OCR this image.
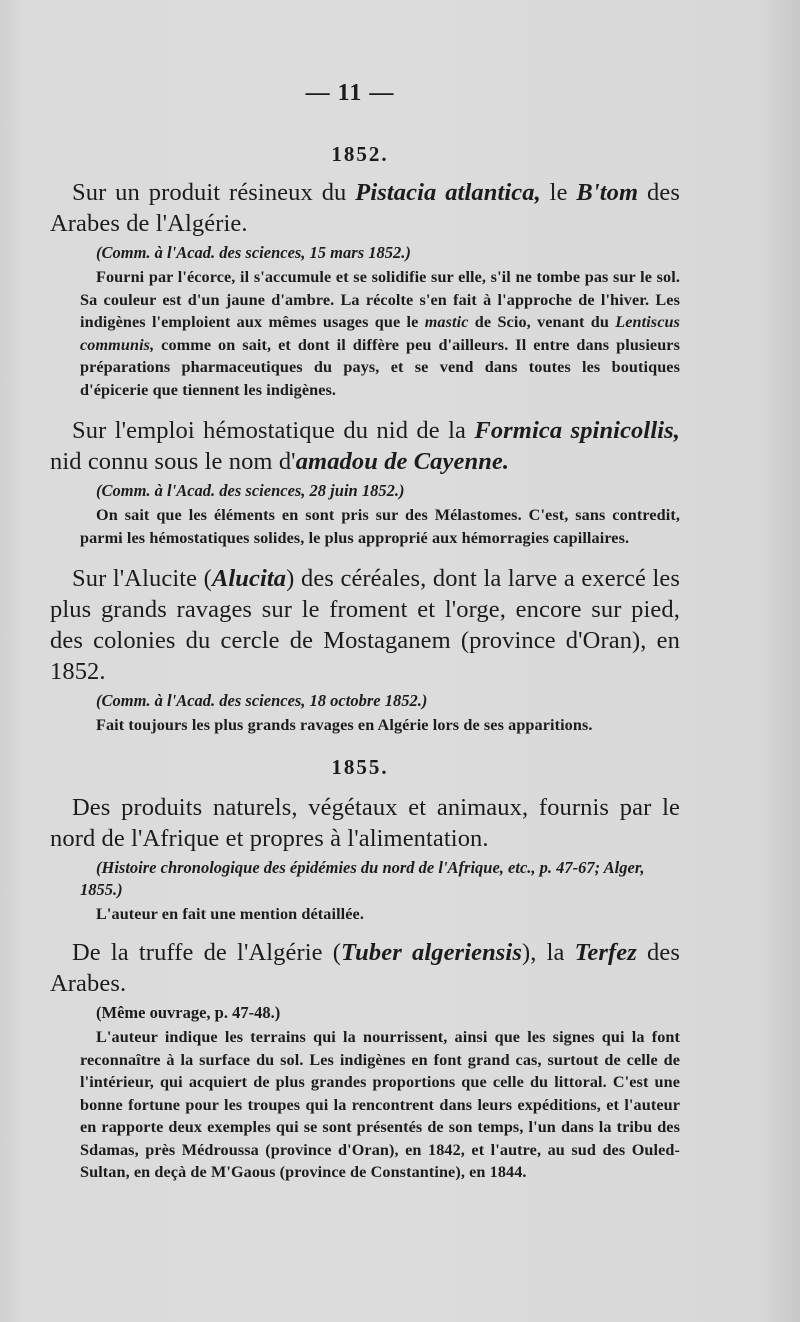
— 11 —
1852.

Sur un produit résineux du Pistacia atlantica, le B'tom des Arabes de l'Algérie.

(Comm. à l'Acad. des sciences, 15 mars 1852.)

Fourni par l'écorce, il s'accumule et se solidifie sur elle, s'il ne tombe pas sur le sol. Sa couleur est d'un jaune d'ambre. La récolte s'en fait à l'approche de l'hiver. Les indigènes l'emploient aux mêmes usages que le mastic de Scio, venant du Lentiscus communis, comme on sait, et dont il diffère peu d'ailleurs. Il entre dans plusieurs préparations pharmaceutiques du pays, et se vend dans toutes les boutiques d'épicerie que tiennent les indigènes.

Sur l'emploi hémostatique du nid de la Formica spinicollis, nid connu sous le nom d'amadou de Cayenne.

(Comm. à l'Acad. des sciences, 28 juin 1852.)

On sait que les éléments en sont pris sur des Mélastomes. C'est, sans contredit, parmi les hémostatiques solides, le plus approprié aux hémorragies capillaires.

Sur l'Alucite (Alucita) des céréales, dont la larve a exercé les plus grands ravages sur le froment et l'orge, encore sur pied, des colonies du cercle de Mostaganem (province d'Oran), en 1852.

(Comm. à l'Acad. des sciences, 18 octobre 1852.)

Fait toujours les plus grands ravages en Algérie lors de ses apparitions.

1855.

Des produits naturels, végétaux et animaux, fournis par le nord de l'Afrique et propres à l'alimentation.

(Histoire chronologique des épidémies du nord de l'Afrique, etc., p. 47-67; Alger, 1855.)

L'auteur en fait une mention détaillée.

De la truffe de l'Algérie (Tuber algeriensis), la Terfez des Arabes.

(Même ouvrage, p. 47-48.)

L'auteur indique les terrains qui la nourrissent, ainsi que les signes qui la font reconnaître à la surface du sol. Les indigènes en font grand cas, surtout de celle de l'intérieur, qui acquiert de plus grandes proportions que celle du littoral. C'est une bonne fortune pour les troupes qui la rencontrent dans leurs expéditions, et l'auteur en rapporte deux exemples qui se sont présentés de son temps, l'un dans la tribu des Sdamas, près Médroussa (province d'Oran), en 1842, et l'autre, au sud des Ouled-Sultan, en deçà de M'Gaous (province de Constantine), en 1844.
